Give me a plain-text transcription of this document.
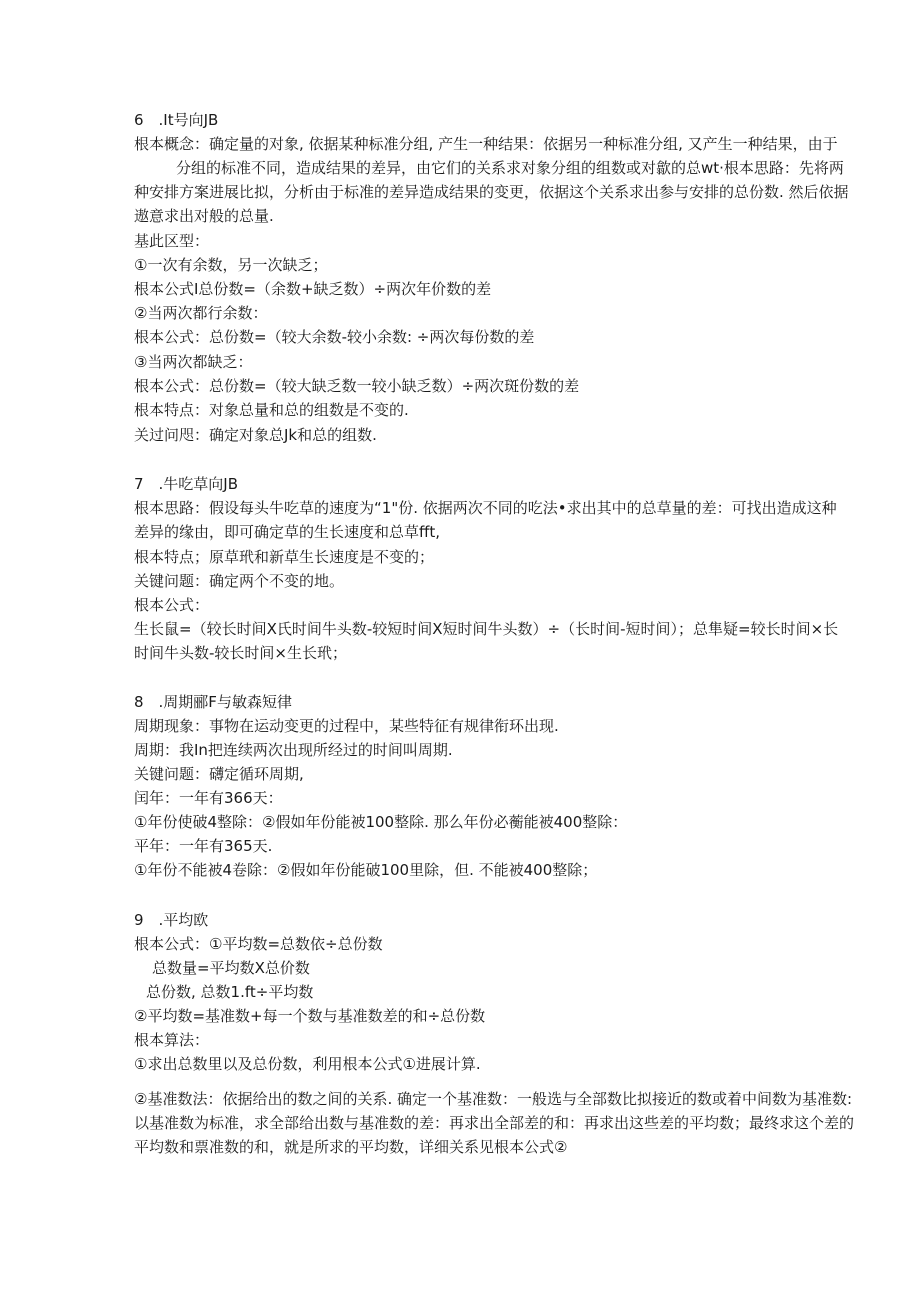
6　.It号向JB
根本概念：确定量的对象, 依据某种标准分组, 产生一种结果：依据另一种标准分组, 又产生一种结果，由于
分组的标准不同，造成结果的差异，由它们的关系求对象分组的组数或对歙的总wt·根本思路：先将两
种安排方案进展比拟，分析由于标准的差异造成结果的变更，依据这个关系求出参与安排的总份数. 然后依据
遨意求出对般的总量.
基此区型：
①一次有余数，另一次缺乏；
根本公式I总份数=（余数+缺乏数）÷两次年价数的差
②当两次都行余数：
根本公式：总份数=（较大余数-较小余数: ÷两次每份数的差
③当两次都缺乏：
根本公式：总份数=（较大缺乏数一较小缺乏数）÷两次斑份数的差
根本特点：对象总量和总的组数是不变的.
关过问咫：确定对象总Jk和总的组数.
7　.牛吃草向JB
根本思路：假设每头牛吃草的速度为“1"份. 依据两次不同的吃法•求出其中的总草量的差：可找出造成这种
差异的缘由，即可确定草的生长速度和总草fft,
根本特点；原草玳和新草生长速度是不变的；
关键问题：确定两个不变的地。
根本公式：
生长鼠=（较长时间X氏时间牛头数-较短时间X短时间牛头数）÷（长时间-短时间）；总隼疑=较长时间×长
时间牛头数-较长时间×生长玳；
8　.周期郦F与敏森短律
周期现象：事物在运动变更的过程中，某些特征有规律衔环出现.
周期：我In把连续两次出现所经过的时间叫周期.
关键问题：礴定循环周期,
闰年：一年有366天：
①年份使破4整除：②假如年份能被100整除. 那么年份必蘅能被400整除：
平年：一年有365天.
①年份不能被4卷除：②假如年份能破100里除，但. 不能被400整除；
9　.平均欧
根本公式：①平均数=总数依÷总份数
总数量=平均数X总价数
总份数, 总数1.ft÷平均数
②平均数=基准数+每一个数与基准数差的和÷总份数
根本算法：
①求出总数里以及总份数，利用根本公式①进展计算.
②基准数法：依据给出的数之间的关系. 确定一个基准数：一般选与全部数比拟接近的数或着中间数为基准数:
以基准数为标准，求全部给出数与基准数的差：再求出全部差的和：再求出这些差的平均数；最终求这个差的
平均数和票准数的和，就是所求的平均数，详细关系见根本公式②
